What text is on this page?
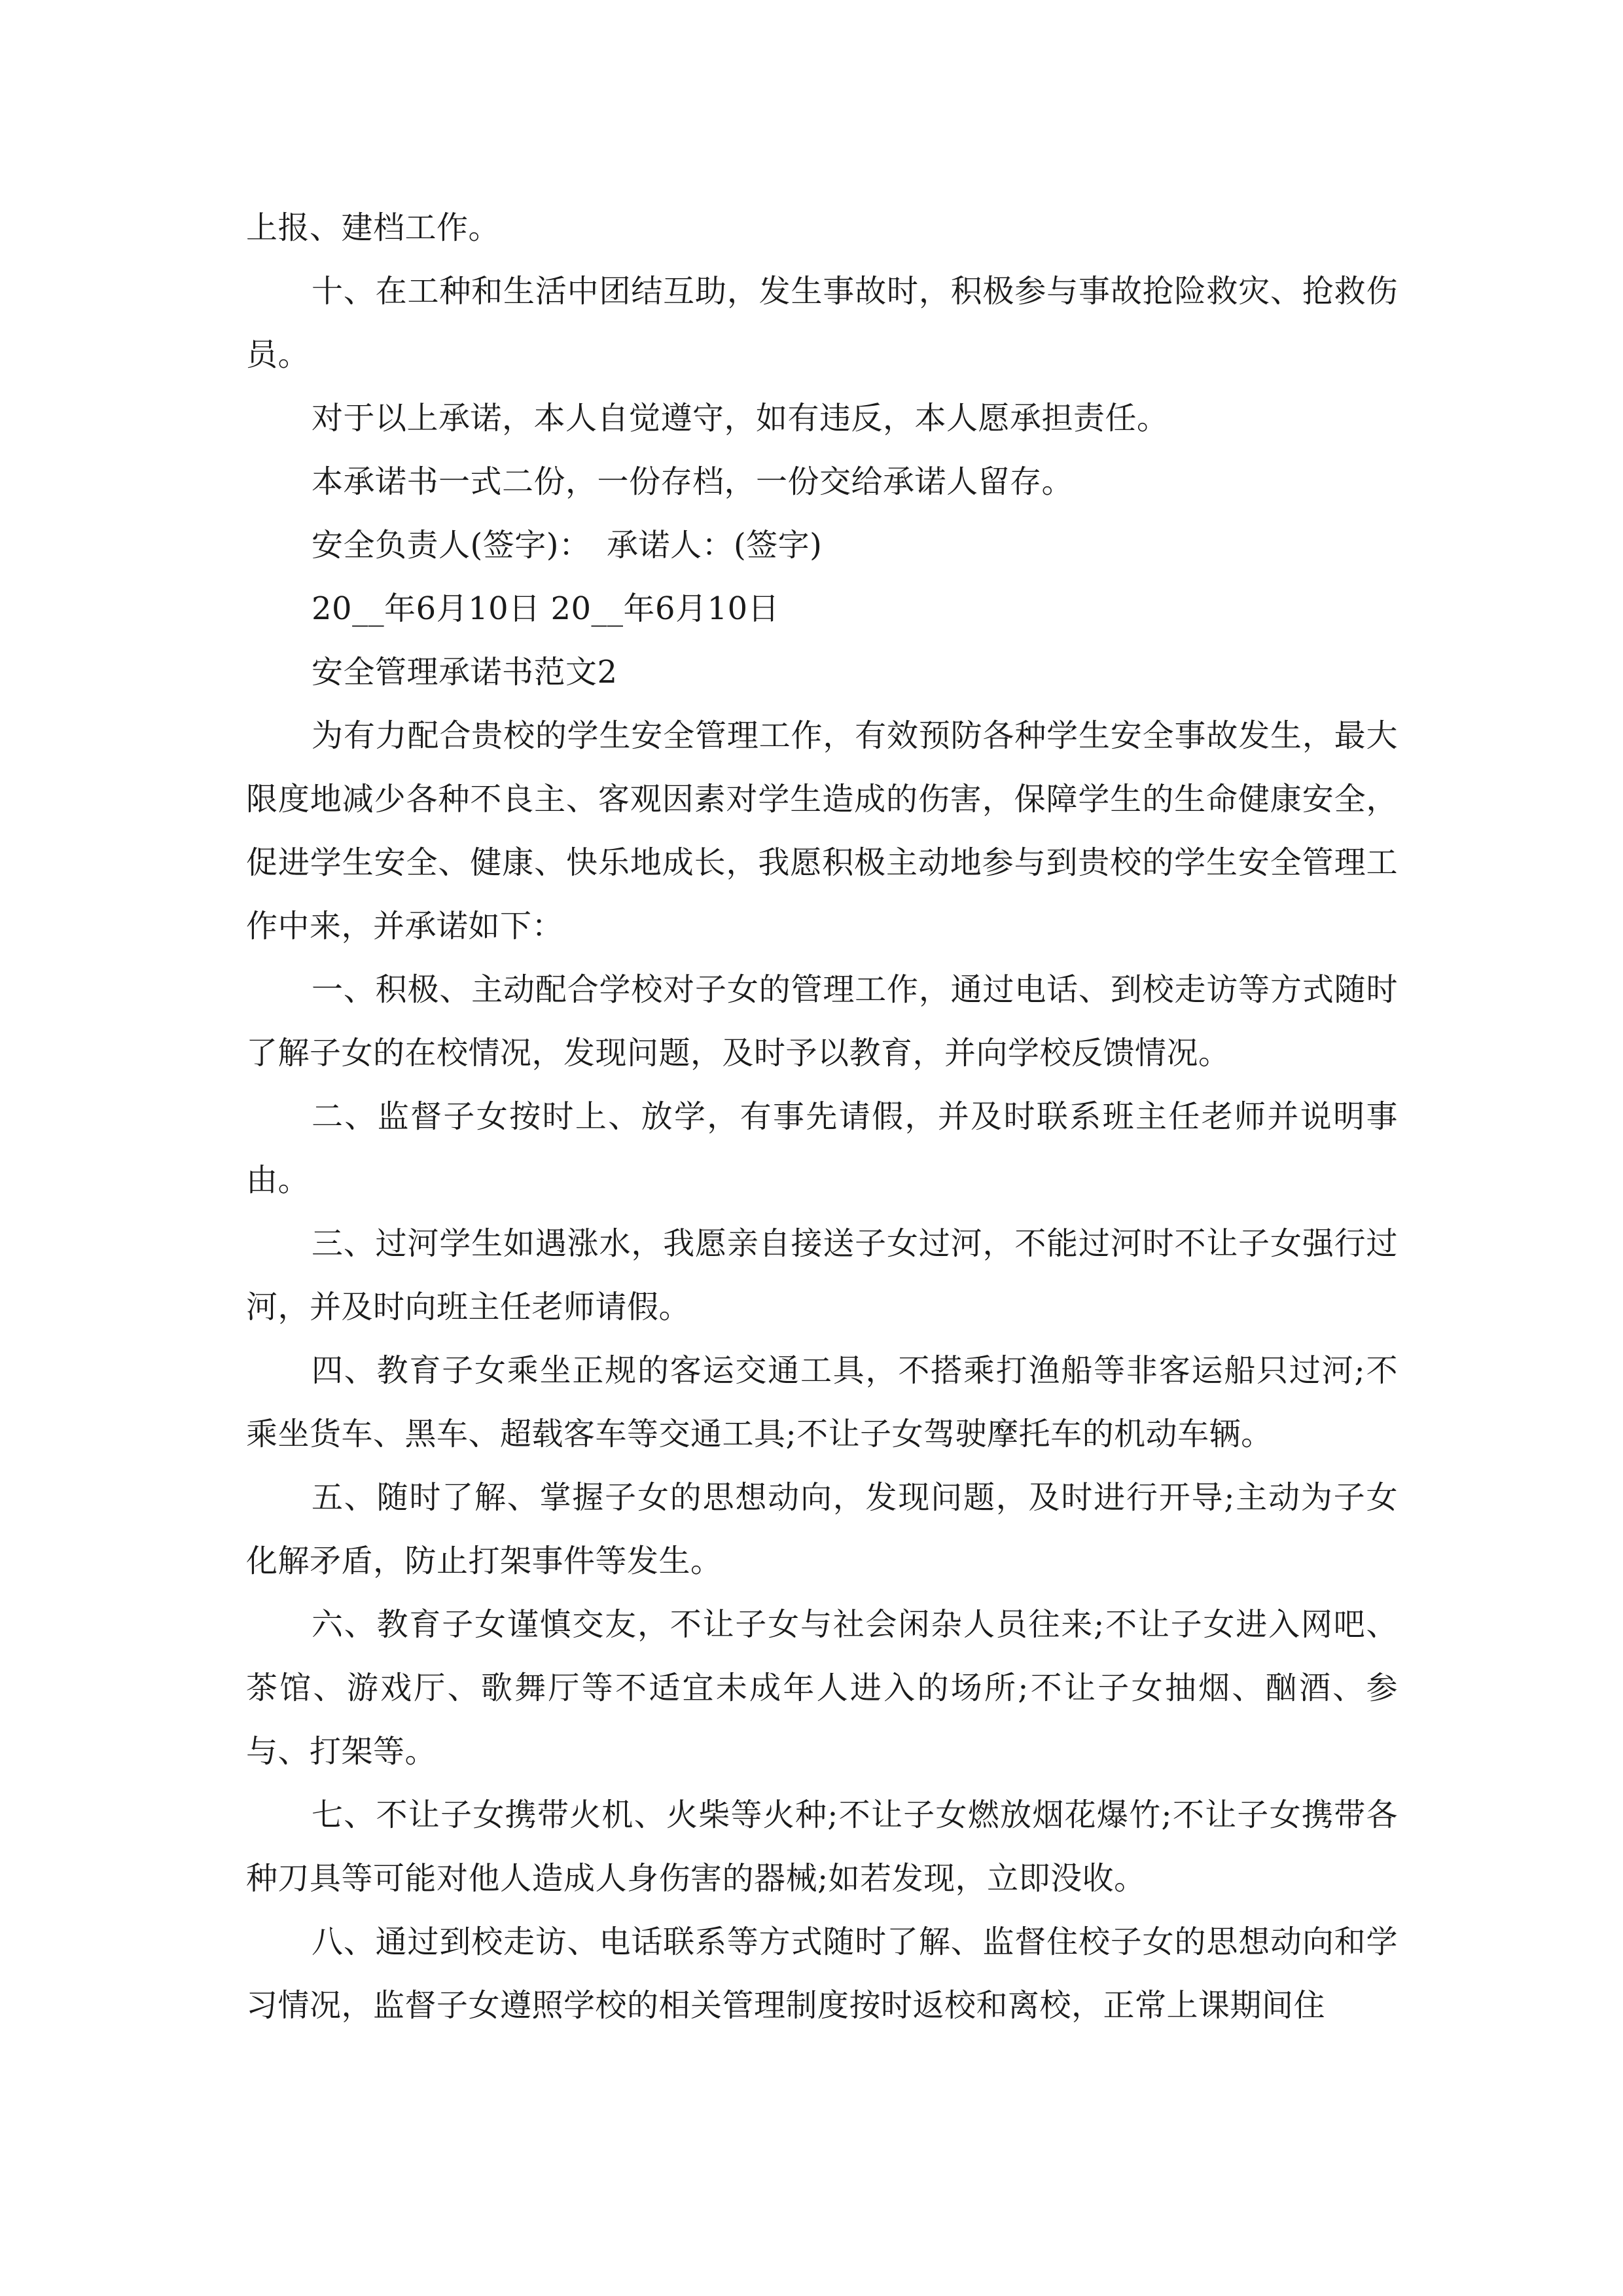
上报、建档工作。

十、在工种和生活中团结互助，发生事故时，积极参与事故抢险救灾、抢救伤员。

对于以上承诺，本人自觉遵守，如有违反，本人愿承担责任。

本承诺书一式二份，一份存档，一份交给承诺人留存。

安全负责人(签字)：　承诺人：(签字)

20__年6月10日 20__年6月10日

安全管理承诺书范文2

为有力配合贵校的学生安全管理工作，有效预防各种学生安全事故发生，最大限度地减少各种不良主、客观因素对学生造成的伤害，保障学生的生命健康安全，促进学生安全、健康、快乐地成长，我愿积极主动地参与到贵校的学生安全管理工作中来，并承诺如下：

一、积极、主动配合学校对子女的管理工作，通过电话、到校走访等方式随时了解子女的在校情况，发现问题，及时予以教育，并向学校反馈情况。

二、监督子女按时上、放学，有事先请假，并及时联系班主任老师并说明事由。

三、过河学生如遇涨水，我愿亲自接送子女过河，不能过河时不让子女强行过河，并及时向班主任老师请假。

四、教育子女乘坐正规的客运交通工具，不搭乘打渔船等非客运船只过河;不乘坐货车、黑车、超载客车等交通工具;不让子女驾驶摩托车的机动车辆。

五、随时了解、掌握子女的思想动向，发现问题，及时进行开导;主动为子女化解矛盾，防止打架事件等发生。

六、教育子女谨慎交友，不让子女与社会闲杂人员往来;不让子女进入网吧、茶馆、游戏厅、歌舞厅等不适宜未成年人进入的场所;不让子女抽烟、酗酒、参与、打架等。

七、不让子女携带火机、火柴等火种;不让子女燃放烟花爆竹;不让子女携带各种刀具等可能对他人造成人身伤害的器械;如若发现，立即没收。

八、通过到校走访、电话联系等方式随时了解、监督住校子女的思想动向和学习情况，监督子女遵照学校的相关管理制度按时返校和离校，正常上课期间住
